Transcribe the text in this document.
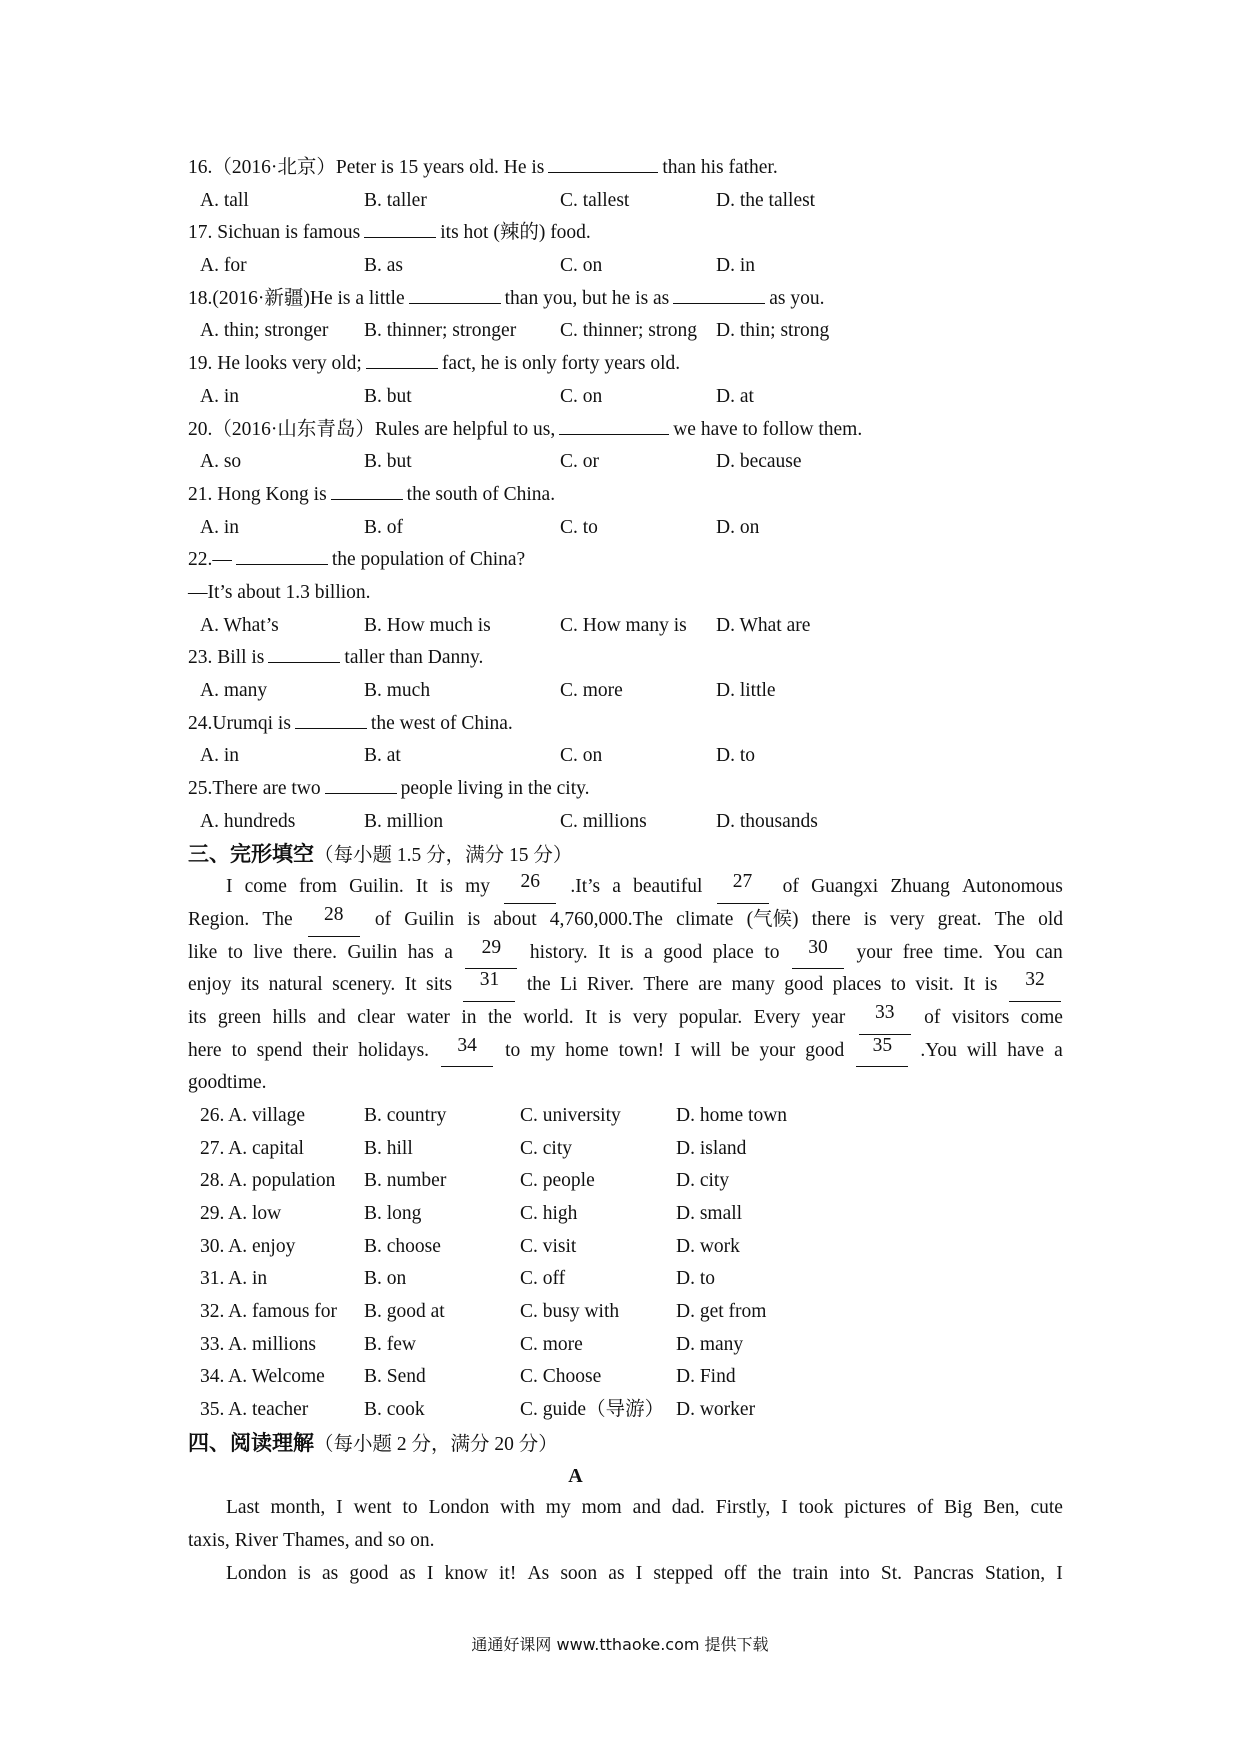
16.（2016·北京）Peter is 15 years old. He is	than his father.
A. tall	B. taller	C. tallest	D. the tallest
17. Sichuan is famous	its hot (辣的) food.
A. for	B. as	C. on	D. in
18.(2016·新疆)He is a little	than you, but he is as	as you.
A. thin; stronger B. thinner; stronger C. thinner; strong D. thin; strong
19. He looks very old;	fact, he is only forty years old.
A. in	B. but	C. on	D. at
20.（2016·山东青岛）Rules are helpful to us,	we have to follow them.
A. so	B. but	C. or	D. because
21. Hong Kong is	the south of China.
A. in	B. of	C. to	D. on
22.—	the population of China?
—It’s about 1.3 billion.
A. What’s	B. How much is	C. How many is D. What are
23. Bill is	taller than Danny.
A. many	B. much	C. more	D. little
24.Urumqi is	the west of China.
A. in	B. at	C. on	D. to
25.There are two	people living in the city.
A. hundreds	B. million	C. millions	D. thousands
三、完形填空（每小题 1.5 分，满分 15 分）
I come from Guilin. It is my	26	.It’s a beautiful	27	of Guangxi Zhuang Autonomous
Region. The	28	of Guilin is about 4,760,000.The climate (气候) there is very great. The old
like to live there. Guilin has a	29	history. It is a good place to	30	your free time. You can
enjoy its natural scenery. It sits	31	the Li River. There are many good places to visit. It is	32
its green hills and clear water in the world. It is very popular. Every year	33	of visitors come
here to spend their holidays.	34	to my home town! I will be your good	35	.You will have a
good time.
26. A. village	B. country	C. university	D. home town
27. A. capital	B. hill	C. city	D. island
28. A. population B. number	C. people	D. city
29. A. low	B. long	C. high	D. small
30. A. enjoy	B. choose	C. visit	D. work
31. A. in	B. on	C. off	D. to
32. A. famous for B. good at	C. busy with	D. get from
33. A. millions B. few	C. more	D. many
34. A. Welcome B. Send	C. Choose	D. Find
35. A. teacher	B. cook	C. guide（导游） D. worker
四、阅读理解（每小题 2 分，满分 20 分）
A
Last month, I went to London with my mom and dad. Firstly, I took pictures of Big Ben, cute
taxis, River Thames, and so on.
London is as good as I know it! As soon as I stepped off the train into St. Pancras Station, I
通通好课网 www.tthaoke.com 提供下载
